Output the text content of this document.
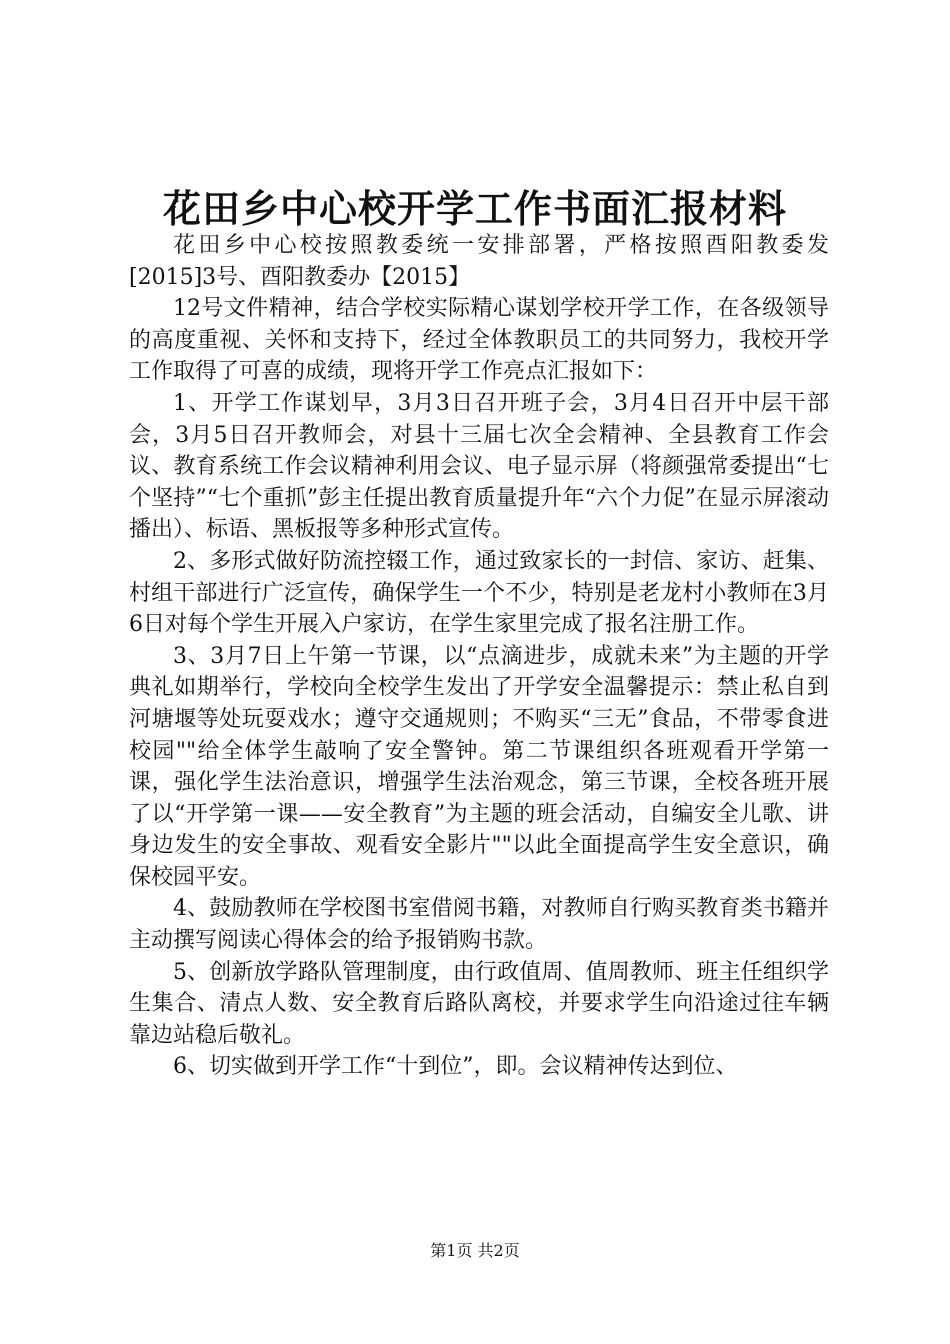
花田乡中心校开学工作书面汇报材料

花田乡中心校按照教委统一安排部署，严格按照酉阳教委发[2015]3号、酉阳教委办【2015】

12号文件精神，结合学校实际精心谋划学校开学工作，在各级领导的高度重视、关怀和支持下，经过全体教职员工的共同努力，我校开学工作取得了可喜的成绩，现将开学工作亮点汇报如下：

1、开学工作谋划早，3月3日召开班子会，3月4日召开中层干部会，3月5日召开教师会，对县十三届七次全会精神、全县教育工作会议、教育系统工作会议精神利用会议、电子显示屏（将颜强常委提出“七个坚持”“七个重抓”彭主任提出教育质量提升年“六个力促”在显示屏滚动播出）、标语、黑板报等多种形式宣传。

2、多形式做好防流控辍工作，通过致家长的一封信、家访、赶集、村组干部进行广泛宣传，确保学生一个不少，特别是老龙村小教师在3月6日对每个学生开展入户家访，在学生家里完成了报名注册工作。

3、3月7日上午第一节课，以“点滴进步，成就未来”为主题的开学典礼如期举行，学校向全校学生发出了开学安全温馨提示：禁止私自到河塘堰等处玩耍戏水；遵守交通规则；不购买“三无”食品，不带零食进校园""给全体学生敲响了安全警钟。第二节课组织各班观看开学第一课，强化学生法治意识，增强学生法治观念，第三节课，全校各班开展了以“开学第一课——安全教育”为主题的班会活动，自编安全儿歌、讲身边发生的安全事故、观看安全影片""以此全面提高学生安全意识，确保校园平安。

4、鼓励教师在学校图书室借阅书籍，对教师自行购买教育类书籍并主动撰写阅读心得体会的给予报销购书款。

5、创新放学路队管理制度，由行政值周、值周教师、班主任组织学生集合、清点人数、安全教育后路队离校，并要求学生向沿途过往车辆靠边站稳后敬礼。

6、切实做到开学工作“十到位”，即。会议精神传达到位、

第1页 共2页
